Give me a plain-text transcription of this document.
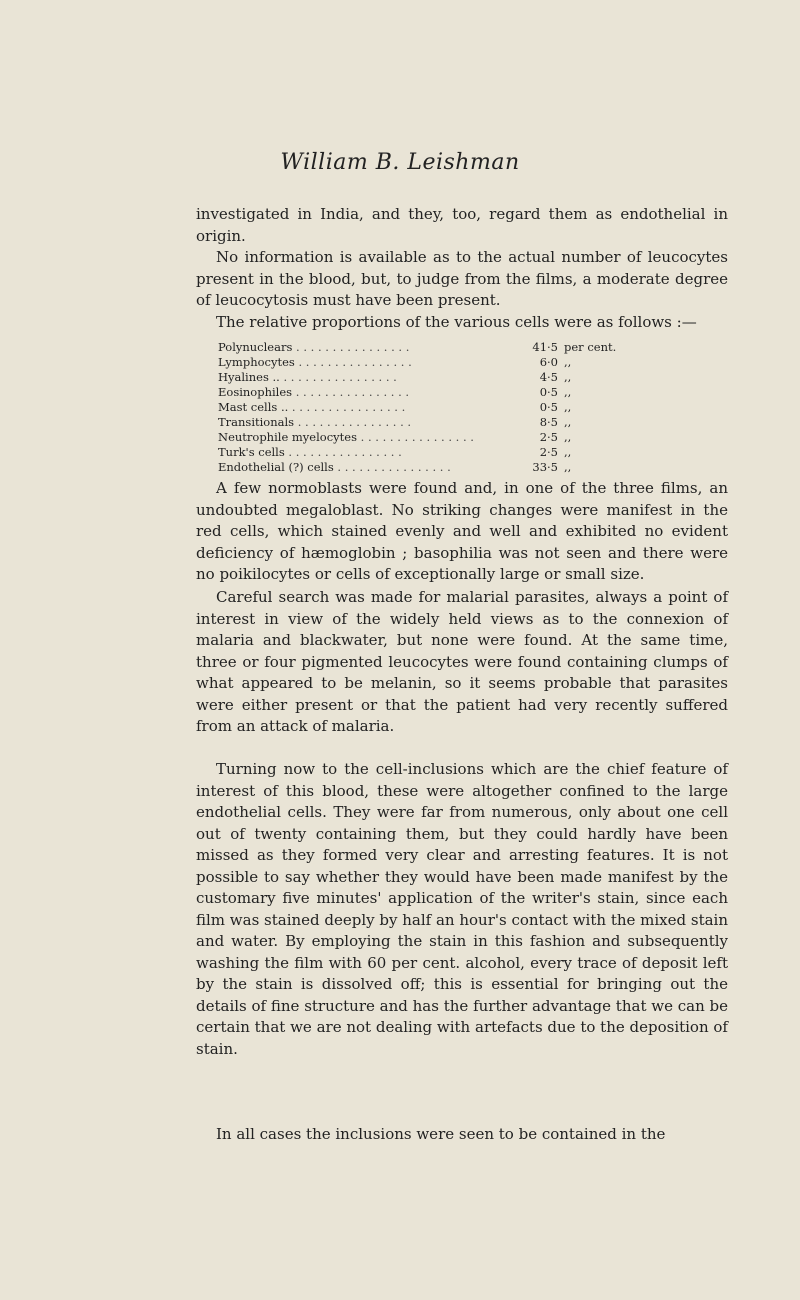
William B. Leishman

investigated in India, and they, too, regard them as endothelial in origin.

No information is available as to the actual number of leucocytes present in the blood, but, to judge from the films, a moderate degree of leucocytosis must have been present.

The relative proportions of the various cells were as follows :—

Polynuclears . .	41·5 per cent.
Lymphocytes . .	6·0 ,,
Hyalines .. . .	4·5 ,,
Eosinophiles . .	0·5 ,,
Mast cells .. . .	0·5 ,,
Transitionals . .	8·5 ,,
Neutrophile myelocytes . .	2·5 ,,
Turk's cells . .	2·5 ,,
Endothelial (?) cells . .	33·5 ,,

A few normoblasts were found and, in one of the three films, an undoubted megaloblast. No striking changes were manifest in the red cells, which stained evenly and well and exhibited no evident deficiency of hæmoglobin ; basophilia was not seen and there were no poikilocytes or cells of exceptionally large or small size.

Careful search was made for malarial parasites, always a point of interest in view of the widely held views as to the connexion of malaria and blackwater, but none were found. At the same time, three or four pigmented leucocytes were found containing clumps of what appeared to be melanin, so it seems probable that parasites were either present or that the patient had very recently suffered from an attack of malaria.

Turning now to the cell-inclusions which are the chief feature of interest of this blood, these were altogether confined to the large endothelial cells. They were far from numerous, only about one cell out of twenty containing them, but they could hardly have been missed as they formed very clear and arresting features. It is not possible to say whether they would have been made manifest by the customary five minutes' application of the writer's stain, since each film was stained deeply by half an hour's contact with the mixed stain and water. By employing the stain in this fashion and subsequently washing the film with 60 per cent. alcohol, every trace of deposit left by the stain is dissolved off; this is essential for bringing out the details of fine structure and has the further advantage that we can be certain that we are not dealing with artefacts due to the deposition of stain.

In all cases the inclusions were seen to be contained in the
